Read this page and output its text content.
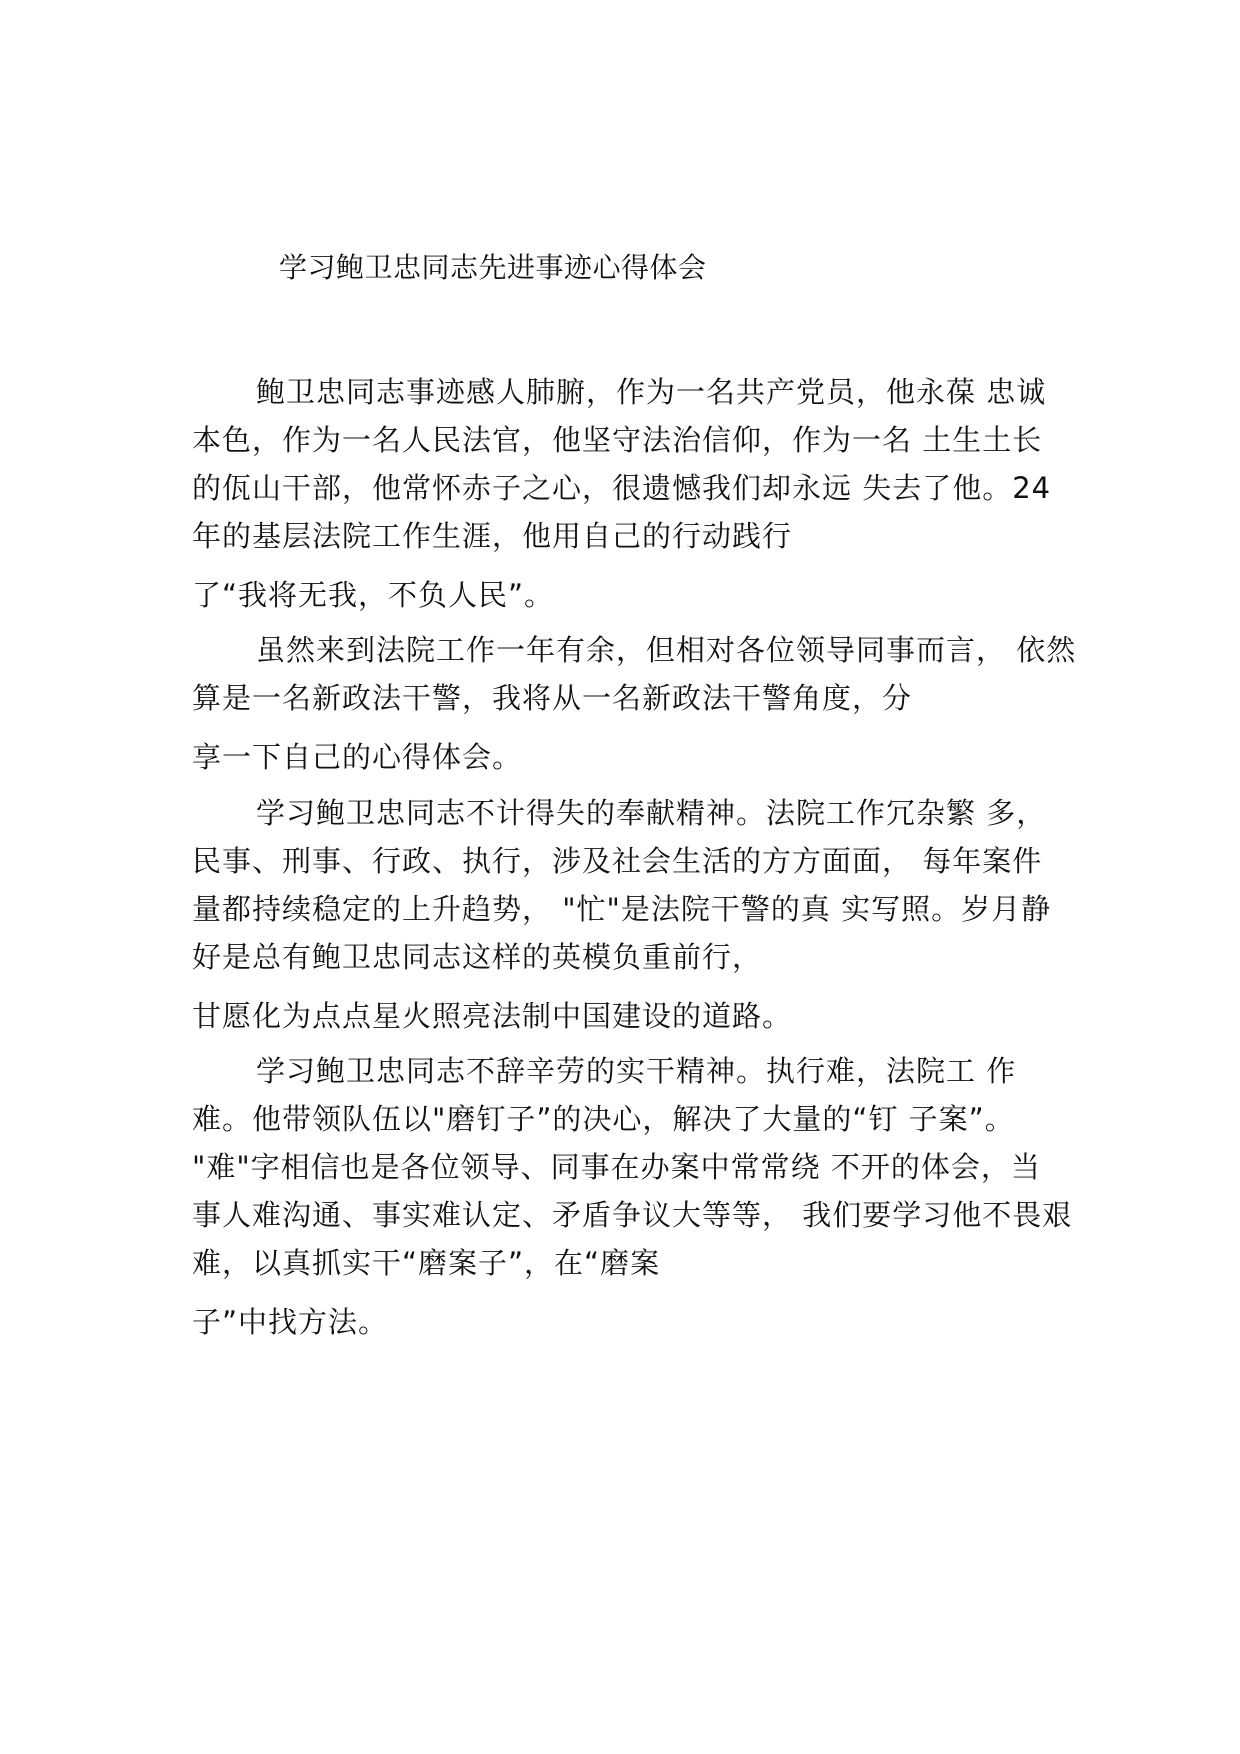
学习鲍卫忠同志先进事迹心得体会
鲍卫忠同志事迹感人肺腑，作为一名共产党员，他永葆 忠诚
本色，作为一名人民法官，他坚守法治信仰，作为一名 土生土长
的佤山干部，他常怀赤子之心，很遗憾我们却永远 失去了他。24
年的基层法院工作生涯，他用自己的行动践行
了“我将无我，不负人民”。
虽然来到法院工作一年有余，但相对各位领导同事而言， 依然
算是一名新政法干警，我将从一名新政法干警角度，分
享一下自己的心得体会。
学习鲍卫忠同志不计得失的奉献精神。法院工作冗杂繁 多，
民事、刑事、行政、执行，涉及社会生活的方方面面， 每年案件
量都持续稳定的上升趋势， "忙"是法院干警的真 实写照。岁月静
好是总有鲍卫忠同志这样的英模负重前行，
甘愿化为点点星火照亮法制中国建设的道路。
学习鲍卫忠同志不辞辛劳的实干精神。执行难，法院工 作
难。他带领队伍以"磨钉子”的决心，解决了大量的“钉 子案”。
"难"字相信也是各位领导、同事在办案中常常绕 不开的体会，当
事人难沟通、事实难认定、矛盾争议大等等， 我们要学习他不畏艰
难，以真抓实干“磨案子”，在“磨案
子”中找方法。
